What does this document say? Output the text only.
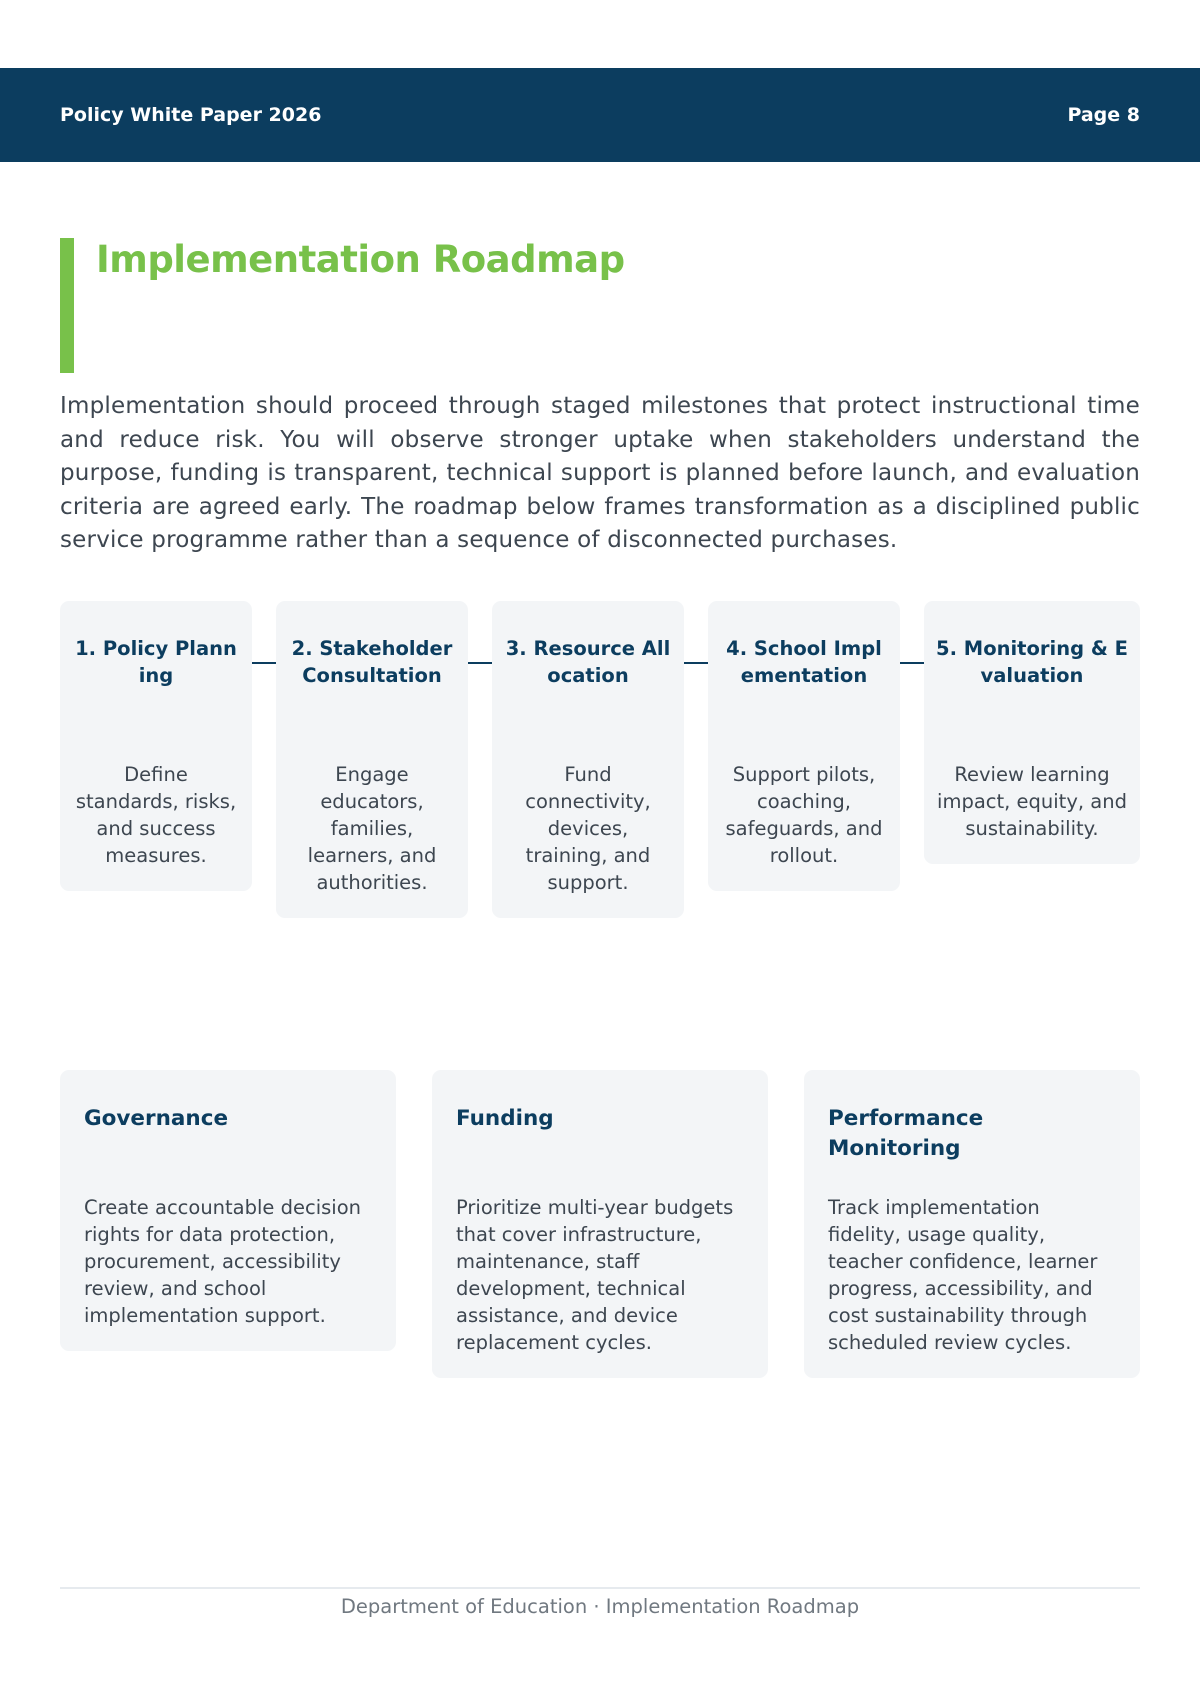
Policy White Paper 2026	Page 8
Implementation Roadmap

Implementation should proceed through staged milestones that protect instructional time and reduce risk. You will observe stronger uptake when stakeholders understand the purpose, funding is transparent, technical support is planned before launch, and evaluation criteria are agreed early. The roadmap below frames transformation as a disciplined public service programme rather than a sequence of disconnected purchases.

1. Policy Planning
Define standards, risks, and success measures.
2. Stakeholder Consultation
Engage educators, families, learners, and authorities.
3. Resource Allocation
Fund connectivity, devices, training, and support.
4. School Implementation
Support pilots, coaching, safeguards, and rollout.
5. Monitoring & Evaluation
Review learning impact, equity, and sustainability.
Governance
Create accountable decision rights for data protection, procurement, accessibility review, and school implementation support.
Funding
Prioritize multi-year budgets that cover infrastructure, maintenance, staff development, technical assistance, and device replacement cycles.
Performance Monitoring
Track implementation fidelity, usage quality, teacher confidence, learner progress, accessibility, and cost sustainability through scheduled review cycles.
Department of Education · Implementation Roadmap
